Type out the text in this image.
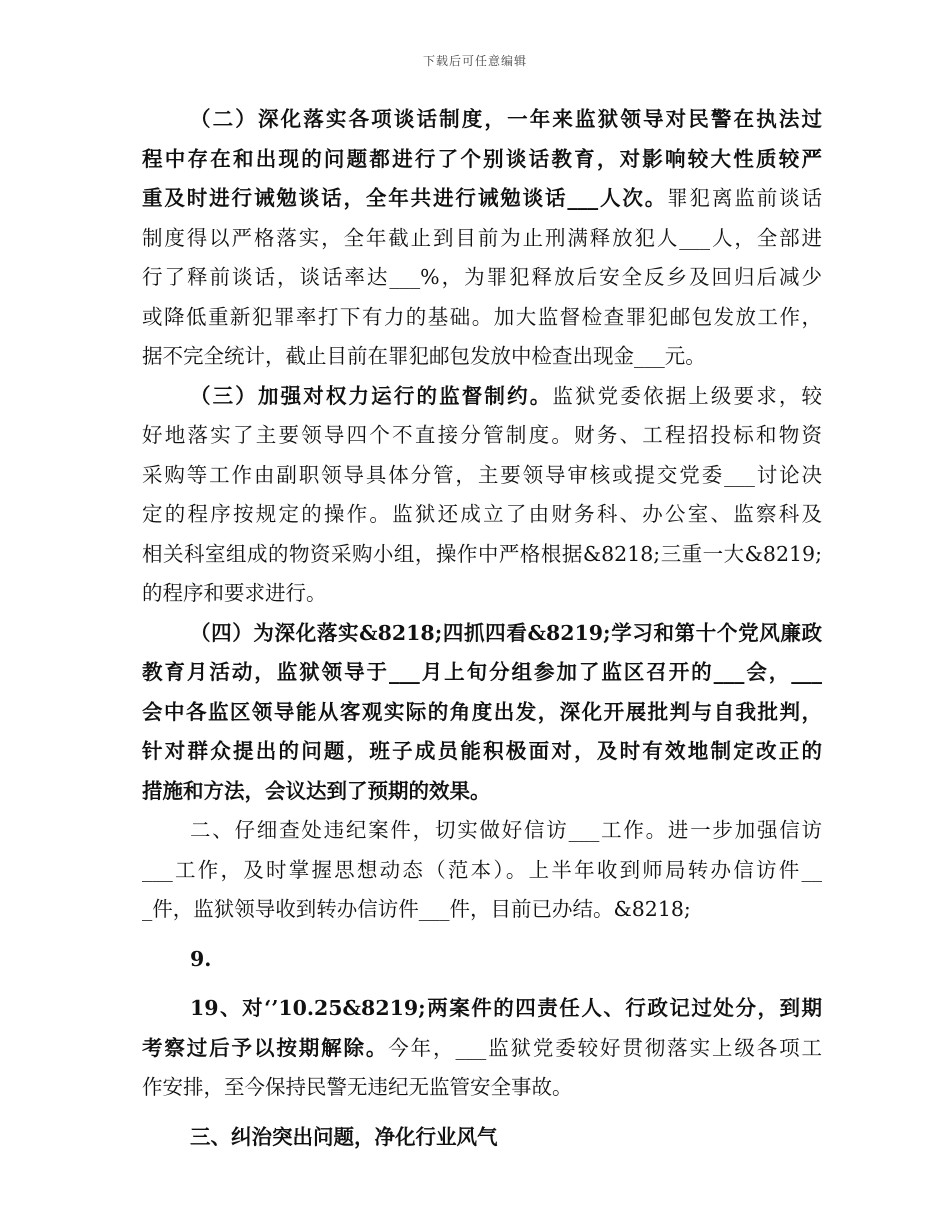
下载后可任意编辑
（二）深化落实各项谈话制度，一年来监狱领导对民警在执法过
程中存在和出现的问题都进行了个别谈话教育，对影响较大性质较严
重及时进行诫勉谈话，全年共进行诫勉谈话___人次。罪犯离监前谈话
制度得以严格落实，全年截止到目前为止刑满释放犯人___人，全部进
行了释前谈话，谈话率达___%，为罪犯释放后安全反乡及回归后减少
或降低重新犯罪率打下有力的基础。加大监督检查罪犯邮包发放工作，
据不完全统计，截止目前在罪犯邮包发放中检查出现金___元。
（三）加强对权力运行的监督制约。监狱党委依据上级要求，较
好地落实了主要领导四个不直接分管制度。财务、工程招投标和物资
采购等工作由副职领导具体分管，主要领导审核或提交党委___讨论决
定的程序按规定的操作。监狱还成立了由财务科、办公室、监察科及
相关科室组成的物资采购小组，操作中严格根据&8218;三重一大&8219;
的程序和要求进行。
（四）为深化落实&8218;四抓四看&8219;学习和第十个党风廉政
教育月活动，监狱领导于___月上旬分组参加了监区召开的___会，___
会中各监区领导能从客观实际的角度出发，深化开展批判与自我批判，
针对群众提出的问题，班子成员能积极面对，及时有效地制定改正的
措施和方法，会议达到了预期的效果。
二、仔细查处违纪案件，切实做好信访___工作。进一步加强信访
___工作，及时掌握思想动态（范本）。上半年收到师局转办信访件__
_件，监狱领导收到转办信访件___件，目前已办结。&8218;
9.
19、对‘’10.25&8219;两案件的四责任人、行政记过处分，到期
考察过后予以按期解除。今年，___监狱党委较好贯彻落实上级各项工
作安排，至今保持民警无违纪无监管安全事故。
三、纠治突出问题，净化行业风气
